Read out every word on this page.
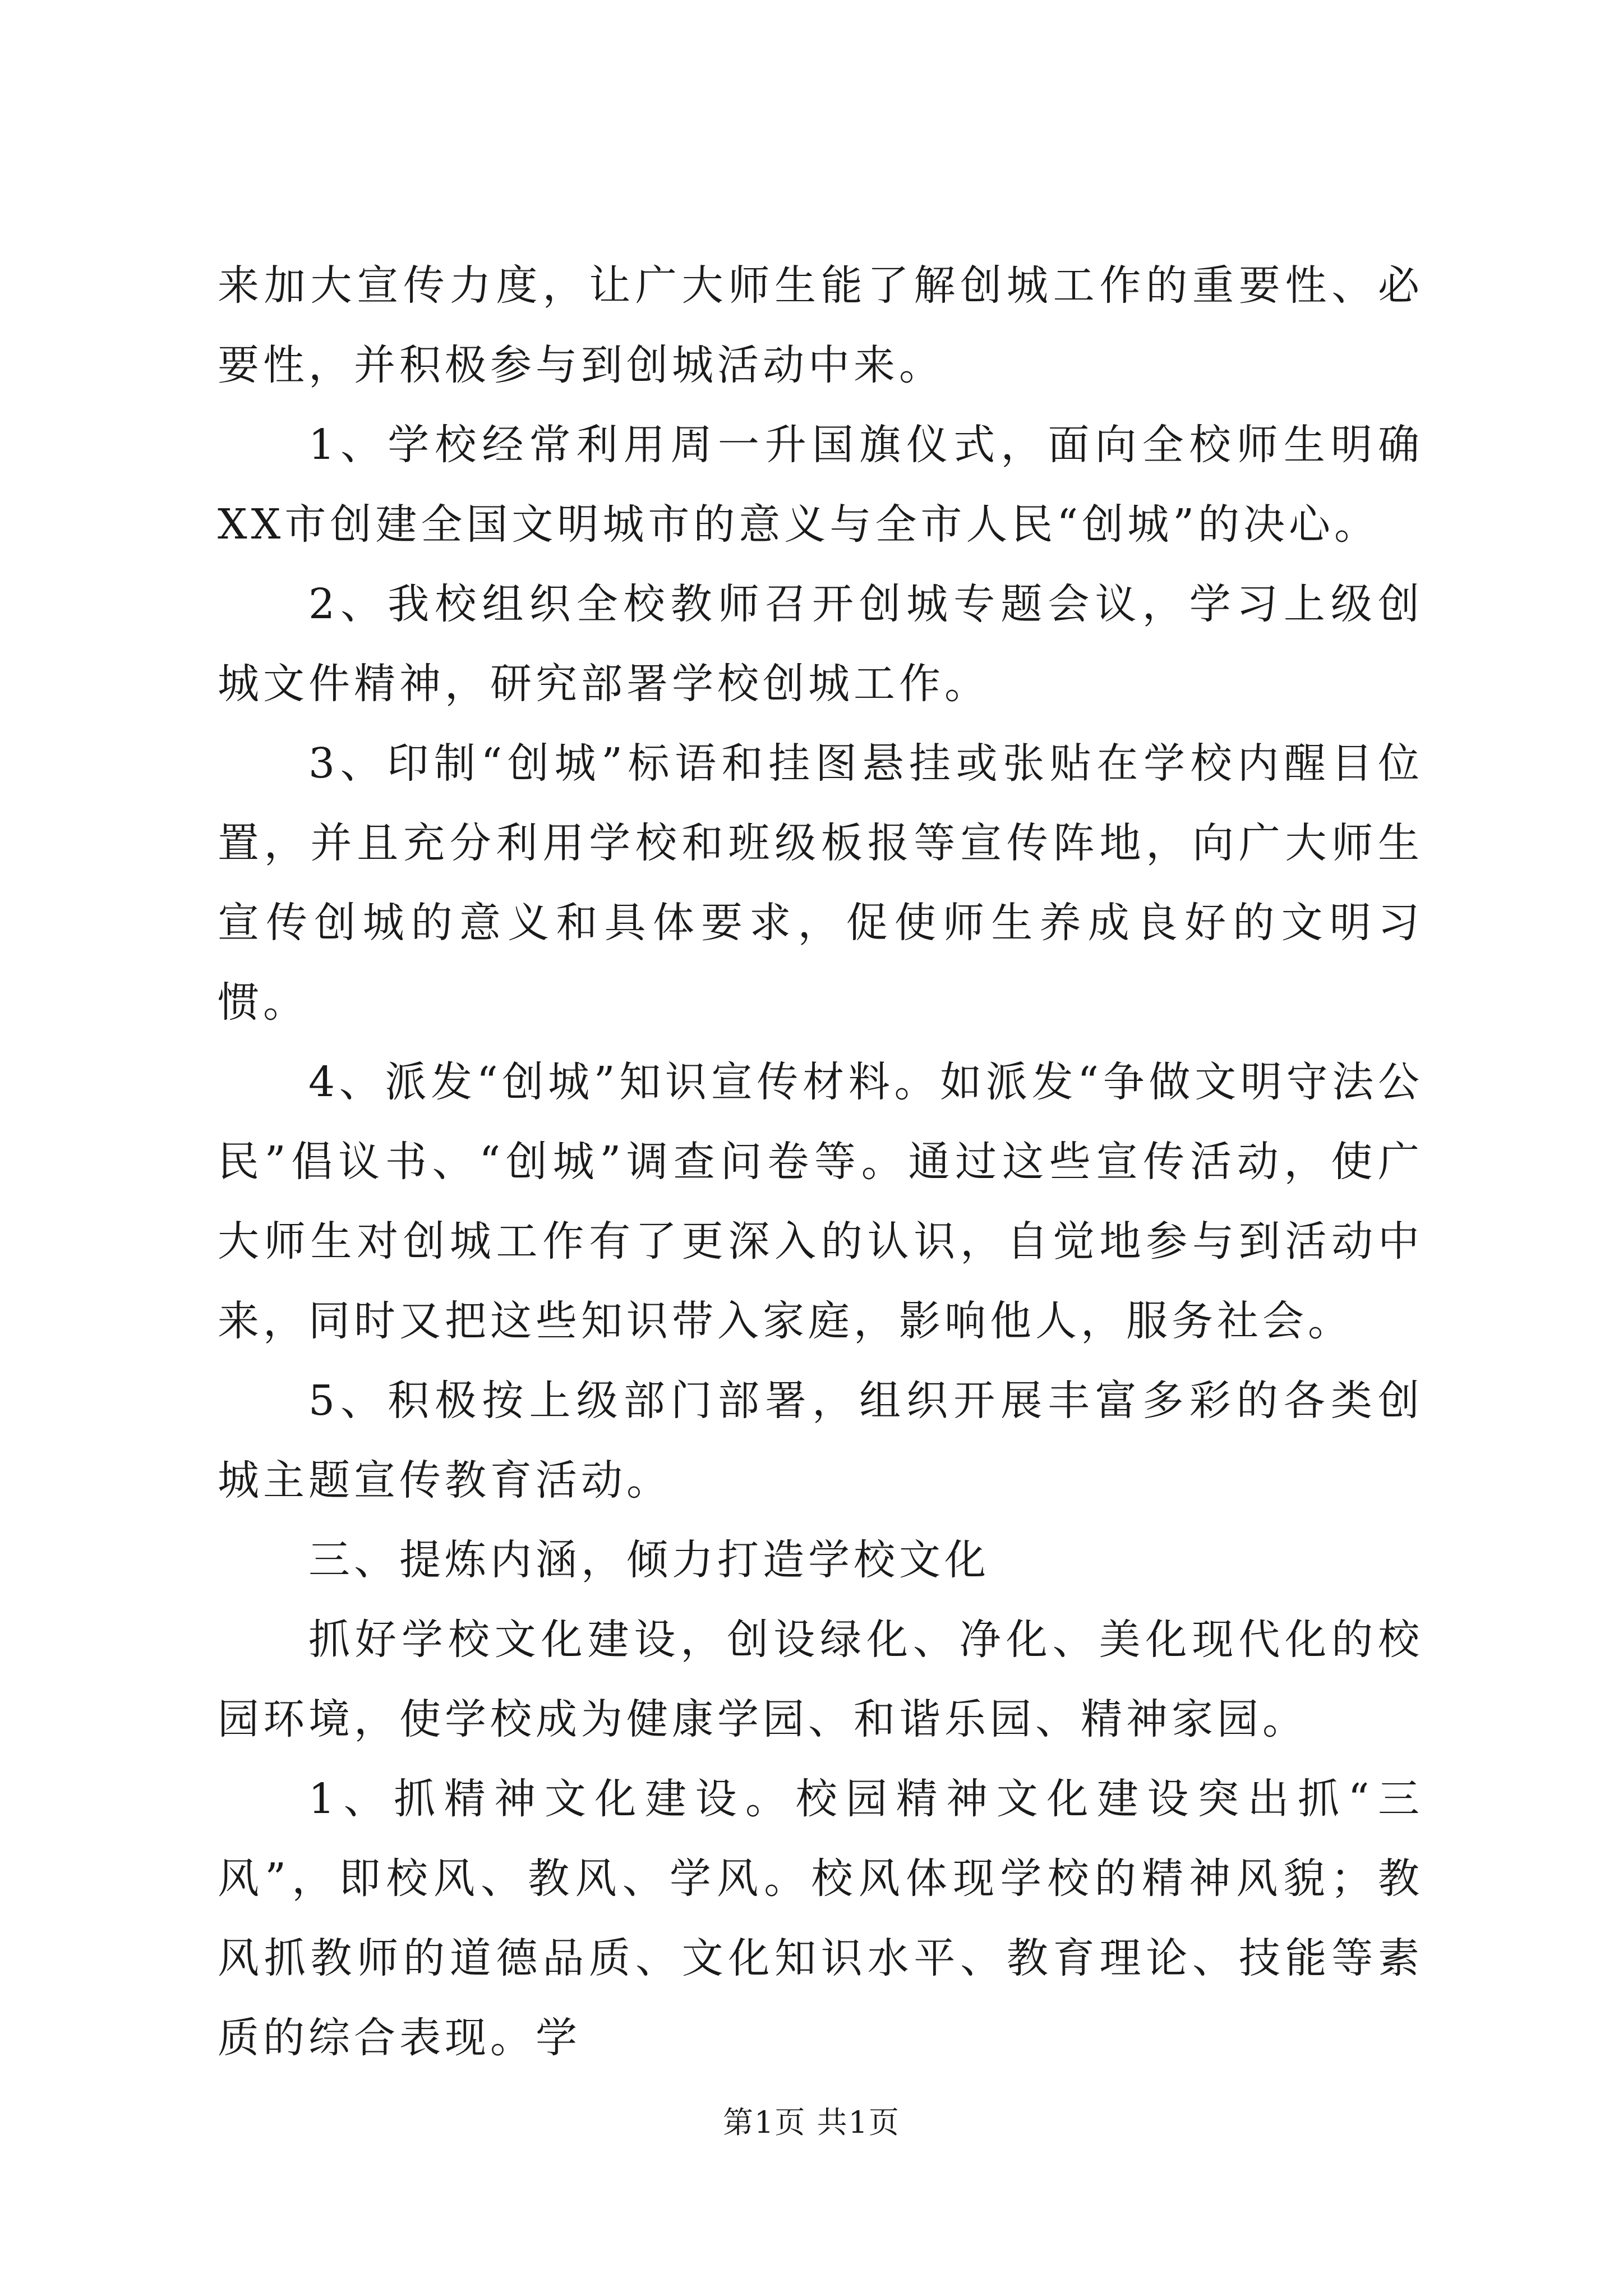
来加大宣传力度，让广大师生能了解创城工作的重要性、必要性，并积极参与到创城活动中来。

1、学校经常利用周一升国旗仪式，面向全校师生明确XX市创建全国文明城市的意义与全市人民“创城”的决心。

2、我校组织全校教师召开创城专题会议，学习上级创城文件精神，研究部署学校创城工作。

3、印制“创城”标语和挂图悬挂或张贴在学校内醒目位置，并且充分利用学校和班级板报等宣传阵地，向广大师生宣传创城的意义和具体要求，促使师生养成良好的文明习惯。

4、派发“创城”知识宣传材料。如派发“争做文明守法公民”倡议书、“创城”调查问卷等。通过这些宣传活动，使广大师生对创城工作有了更深入的认识，自觉地参与到活动中来，同时又把这些知识带入家庭，影响他人，服务社会。

5、积极按上级部门部署，组织开展丰富多彩的各类创城主题宣传教育活动。

三、提炼内涵，倾力打造学校文化

抓好学校文化建设，创设绿化、净化、美化现代化的校园环境，使学校成为健康学园、和谐乐园、精神家园。

1、抓精神文化建设。校园精神文化建设突出抓“三风”，即校风、教风、学风。校风体现学校的精神风貌；教风抓教师的道德品质、文化知识水平、教育理论、技能等素质的综合表现。学

第1页 共1页
